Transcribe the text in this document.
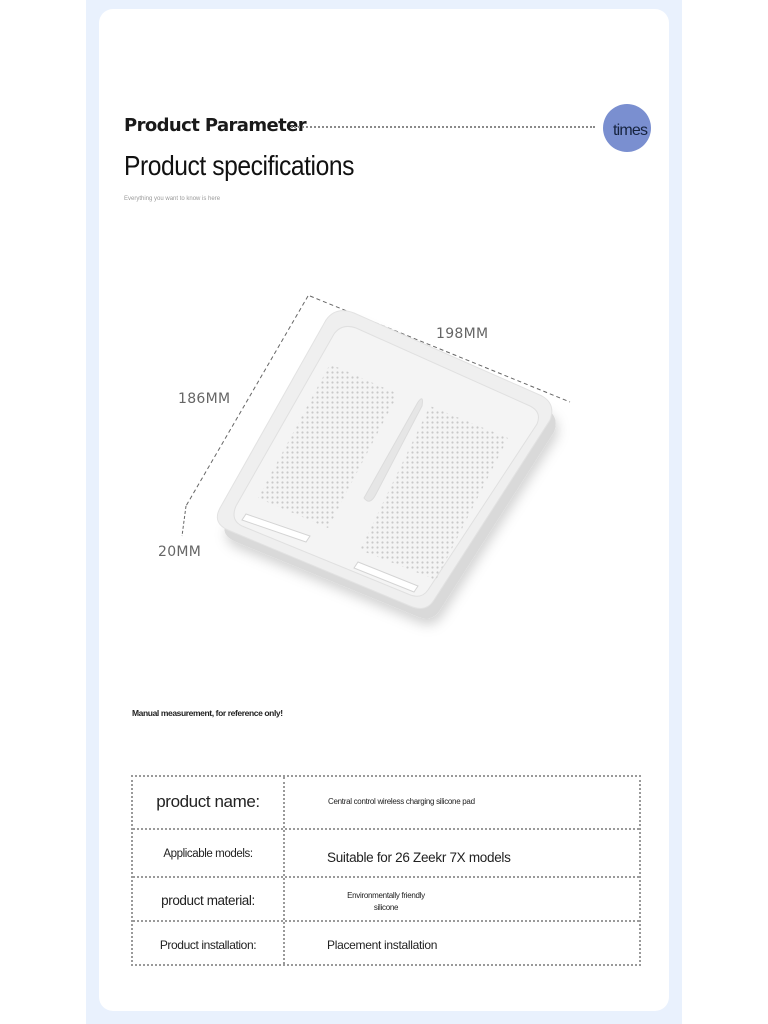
Product Parameter	times
Product specifications
Everything you want to know is here
198MM
186MM
20MM
Manual measurement, for reference only!
product name:	Central control wireless charging silicone pad
Applicable models:	Suitable for 26 Zeekr 7X models
product material:	Environmentally friendly
silicone
Product installation:	Placement installation
